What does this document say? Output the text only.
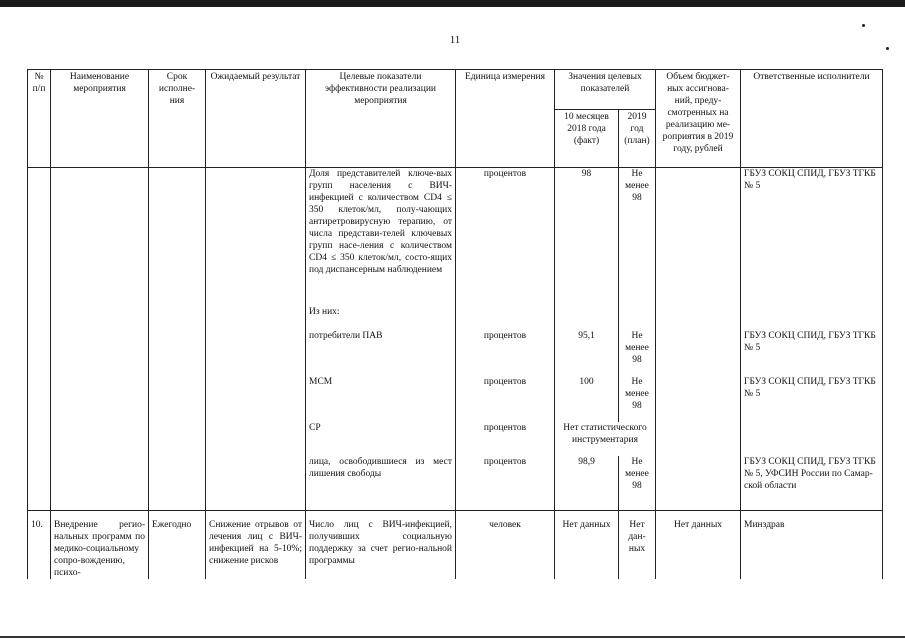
11
№ п/п	Наименование мероприятия	Срок исполне-ния	Ожидаемый результат	Целевые показатели эффективности реализации мероприятия	Единица измерения	Значения целевых показателей		Объем бюджет-ных ассигнова-ний, преду-смотренных на реализацию ме-роприятия в 2019 году, рублей	Ответственные исполнители
						10 месяцев 2018 года (факт)	2019 год (план)		
				Доля представителей ключе-вых групп населения с ВИЧ-инфекцией с количеством CD4 ≤ 350 клеток/мл, полу-чающих антиретровирусную терапию, от числа представи-телей ключевых групп насе-ления с количеством CD4 ≤ 350 клеток/мл, состо-ящих под диспансерным наблюдением	процентов	98	Не менее 98		ГБУЗ СОКЦ СПИД, ГБУЗ ТГКБ № 5
				Из них:					
				потребители ПАВ	процентов	95,1	Не менее 98		ГБУЗ СОКЦ СПИД, ГБУЗ ТГКБ № 5
				МСМ	процентов	100	Не менее 98		ГБУЗ СОКЦ СПИД, ГБУЗ ТГКБ № 5
				СР	процентов	Нет статистического инструментария			
				лица, освободившиеся из мест лишения свободы	процентов	98,9	Не менее 98		ГБУЗ СОКЦ СПИД, ГБУЗ ТГКБ № 5, УФСИН России по Самар-ской области
10.	Внедрение регио-нальных программ по медико-социальному сопро-вождению, психо-	Ежегодно	Снижение отрывов от лечения лиц с ВИЧ-инфекцией на 5-10%; снижение рисков	Число лиц с ВИЧ-инфекцией, получивших социальную поддержку за счет регио-нальной программы	человек	Нет данных	Нет дан-ных	Нет данных	Минздрав
